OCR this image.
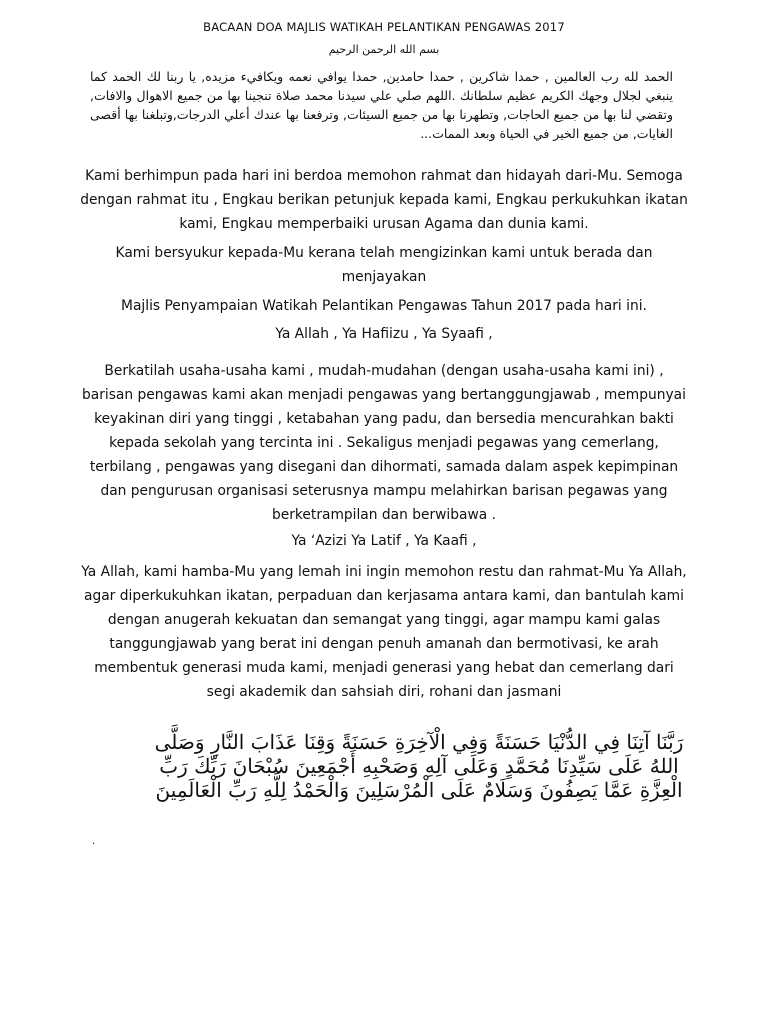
BACAAN DOA MAJLIS WATIKAH PELANTIKAN PENGAWAS 2017
بسم الله الرحمن الرحيم
الحمد لله رب العالمين , حمدا شاكرين , حمدا حامدين, حمدا يوافي نعمه ويكافيء مزيده, يا ربنا لك الحمد كما ينبغي لجلال وجهك الكريم عظيم سلطانك .اللهم صلي علي سيدنا محمد صلاة تنجينا بها من جميع الاهوال والافات, وتقضي لنا بها من جميع الحاجات, وتطهرنا بها من جميع السيئات, وترفعنا بها عندك أعلي الدرجات,وتبلغنا بها أقصى الغايات, من جميع الخير في الحياة وبعد الممات...
Kami berhimpun pada hari ini berdoa memohon rahmat dan hidayah dari-Mu. Semoga dengan rahmat itu , Engkau berikan petunjuk kepada kami, Engkau perkukuhkan ikatan kami, Engkau memperbaiki urusan Agama dan dunia kami.
Kami bersyukur kepada-Mu kerana telah mengizinkan kami untuk berada dan menjayakan
Majlis Penyampaian Watikah Pelantikan Pengawas Tahun 2017 pada hari ini.
Ya Allah , Ya Hafiizu , Ya Syaafi ,
Berkatilah usaha-usaha kami , mudah-mudahan (dengan usaha-usaha kami ini) , barisan pengawas kami akan menjadi pengawas yang bertanggungjawab , mempunyai keyakinan diri yang tinggi , ketabahan yang padu, dan bersedia mencurahkan bakti kepada sekolah yang tercinta ini . Sekaligus menjadi pegawas yang cemerlang, terbilang , pengawas yang disegani dan dihormati, samada dalam aspek kepimpinan dan pengurusan organisasi seterusnya mampu melahirkan barisan pegawas yang berketrampilan dan berwibawa .
Ya ‘Azizi Ya Latif , Ya Kaafi ,
Ya Allah, kami hamba-Mu yang lemah ini ingin memohon restu dan rahmat-Mu Ya Allah, agar diperkukuhkan ikatan, perpaduan dan kerjasama antara kami, dan bantulah kami dengan anugerah kekuatan dan semangat yang tinggi, agar mampu kami galas tanggungjawab yang berat ini dengan penuh amanah dan bermotivasi, ke arah membentuk generasi muda kami, menjadi generasi yang hebat dan cemerlang dari segi akademik dan sahsiah diri, rohani dan jasmani
رَبَّنَا آتِنَا فِي الدُّنْيَا حَسَنَةً وَفِي الْآخِرَةِ حَسَنَةً وَقِنَا عَذَابَ النَّارِ وَصَلَّى اللهُ عَلَى سَيِّدِنَا مُحَمَّدٍ وَعَلَى آلِهِ وَصَحْبِهِ أَجْمَعِينَ سُبْحَانَ رَبِّكَ رَبِّ الْعِزَّةِ عَمَّا يَصِفُونَ وَسَلَامٌ عَلَى الْمُرْسَلِينَ وَالْحَمْدُ لِلَّهِ رَبِّ الْعَالَمِينَ
.
